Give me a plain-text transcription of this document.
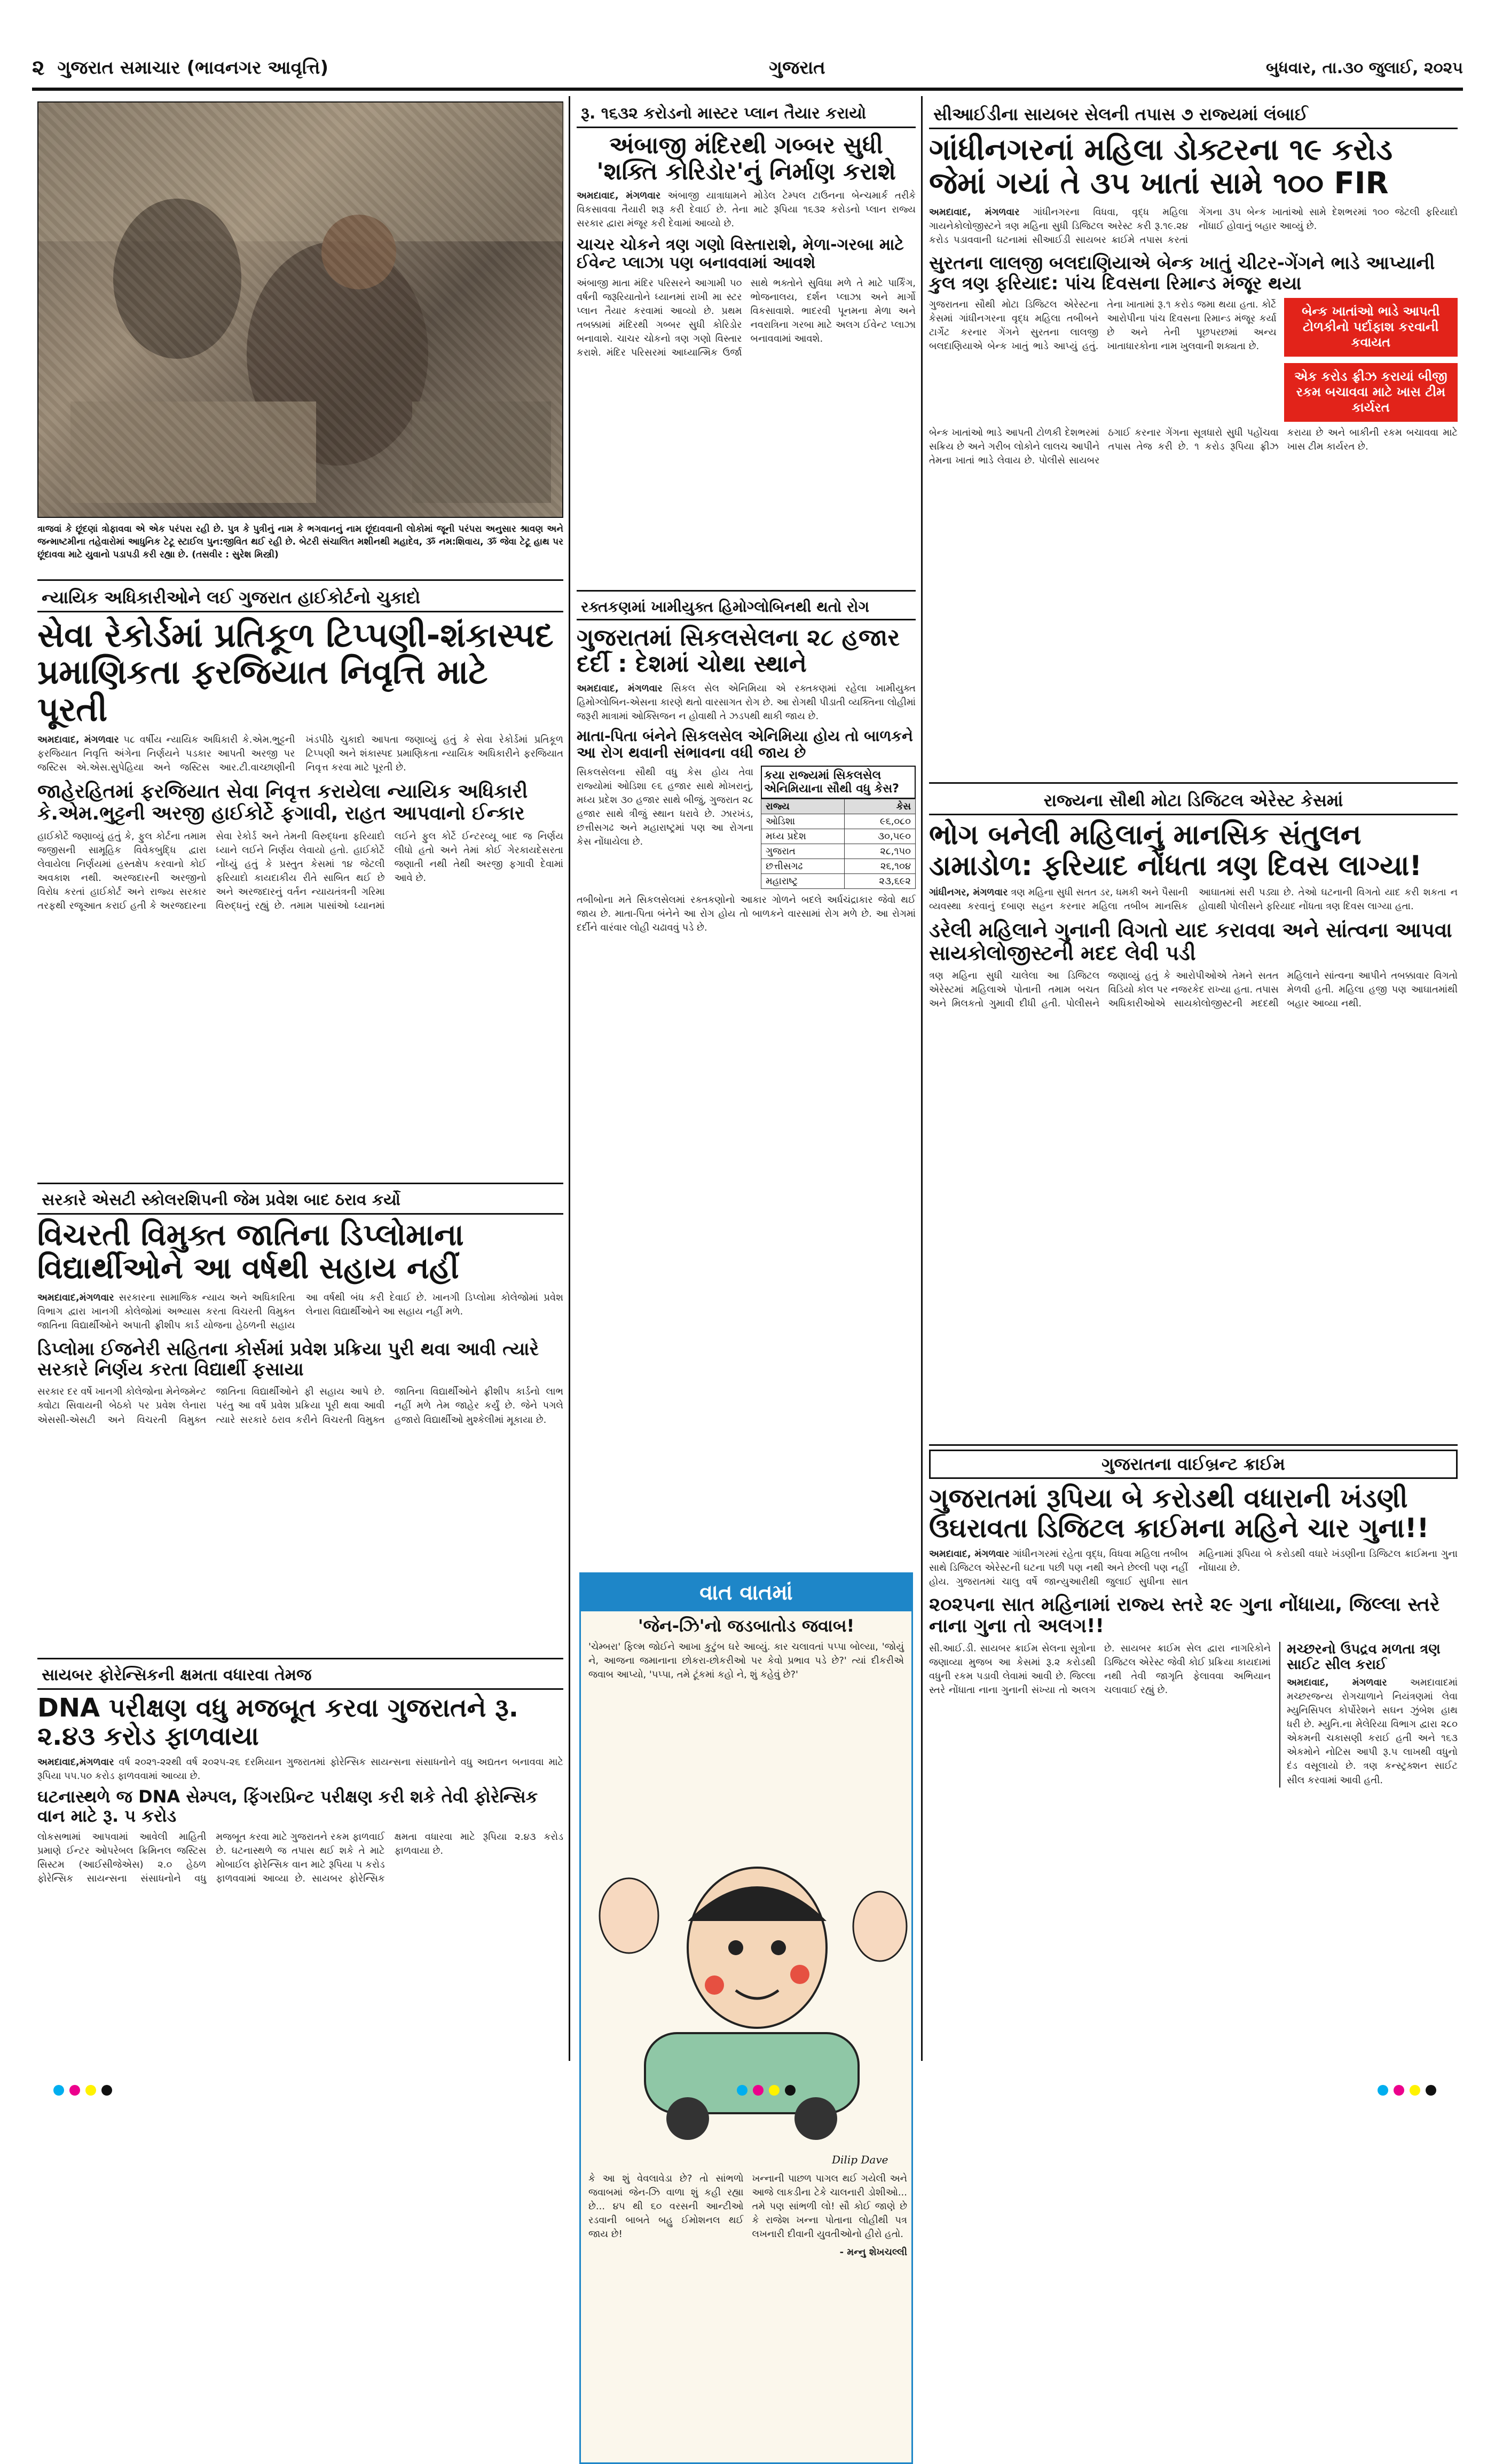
૨ ગુજરાત સમાચાર (ભાવનગર આવૃત્તિ)	ગુજરાત	બુધવાર, તા.૩૦ જુલાઈ, ૨૦૨૫
ત્રાજવાં કે છૂંદણાં ત્રોફાવવા એ એક પરંપરા રહી છે. પુત્ર કે પુત્રીનું નામ કે ભગવાનનું નામ છૂંદાવવાની લોકોમાં જૂની પરંપરા અનુસાર શ્રાવણ અને જન્માષ્ટમીના તહેવારોમાં આધુનિક ટેટૂ સ્ટાઈલ પુન:જીવિત થઈ રહી છે. બેટરી સંચાલિત મશીનથી મહાદેવ, ૐ નમ:શિવાય, ૐ જેવા ટેટૂ હાથ પર છૂંદાવવા માટે યુવાનો પડાપડી કરી રહ્યા છે. (તસવીર : સુરેશ મિસ્ત્રી)
ન્યાયિક અધિકારીઓને લઈ ગુજરાત હાઈકોર્ટનો ચુકાદો
સેવા રેકોર્ડમાં પ્રતિકૂળ ટિપ્પણી-શંકાસ્પદ પ્રમાણિકતા ફરજિયાત નિવૃત્તિ માટે પૂરતી
અમદાવાદ, મંગળવાર ૫૮ વર્ષીય ન્યાયિક અધિકારી કે.એમ.ભુટ્ટની ફરજિયાત નિવૃત્તિ અંગેના નિર્ણયને પડકાર આપતી અરજી પર જસ્ટિસ એ.એસ.સુપેહિયા અને જસ્ટિસ આર.ટી.વાચ્છાણીની ખંડપીઠે ચુકાદો આપતા જણાવ્યું હતું કે સેવા રેકોર્ડમાં પ્રતિકૂળ ટિપ્પણી અને શંકાસ્પદ પ્રમાણિકતા ન્યાયિક અધિકારીને ફરજિયાત નિવૃત્ત કરવા માટે પૂરતી છે.
જાહેરહિતમાં ફરજિયાત સેવા નિવૃત્ત કરાયેલા ન્યાયિક અધિકારી કે.એમ.ભુટ્ટની અરજી હાઈકોર્ટે ફગાવી, રાહત આપવાનો ઈન્કાર
હાઈકોર્ટે જણાવ્યું હતું કે, ફુલ કોર્ટના તમામ જજીસની સામૂહિક વિવેકબુદ્ધિ દ્વારા લેવાયેલા નિર્ણયમાં હસ્તક્ષેપ કરવાનો કોઈ અવકાશ નથી. અરજદારની અરજીનો વિરોધ કરતાં હાઈકોર્ટ અને રાજ્ય સરકાર તરફથી રજૂઆત કરાઈ હતી કે અરજદારના સેવા રેકોર્ડ અને તેમની વિરુદ્ધના ફરિયાદો ધ્યાને લઈને નિર્ણય લેવાયો હતો. હાઈકોર્ટે નોંધ્યું હતું કે પ્રસ્તુત કેસમાં ૧૪ જેટલી ફરિયાદો કાયદાકીય રીતે સાબિત થઈ છે અને અરજદારનું વર્તન ન્યાયતંત્રની ગરિમા વિરુદ્ધનું રહ્યું છે. તમામ પાસાંઓ ધ્યાનમાં લઈને ફુલ કોર્ટે ઈન્ટરવ્યૂ બાદ જ નિર્ણય લીધો હતો અને તેમાં કોઈ ગેરકાયદેસરતા જણાતી નથી તેથી અરજી ફગાવી દેવામાં આવે છે.
સરકારે એસટી સ્કોલરશિપની જેમ પ્રવેશ બાદ ઠરાવ કર્યો
વિચરતી વિમુક્ત જાતિના ડિપ્લોમાના વિદ્યાર્થીઓને આ વર્ષથી સહાય નહીં
અમદાવાદ,મંગળવાર સરકારના સામાજિક ન્યાય અને અધિકારિતા વિભાગ દ્વારા ખાનગી કોલેજોમાં અભ્યાસ કરતા વિચરતી વિમુક્ત જાતિના વિદ્યાર્થીઓને અપાતી ફ્રીશીપ કાર્ડ યોજના હેઠળની સહાય આ વર્ષથી બંધ કરી દેવાઈ છે. ખાનગી ડિપ્લોમા કોલેજોમાં પ્રવેશ લેનારા વિદ્યાર્થીઓને આ સહાય નહીં મળે.
ડિપ્લોમા ઈજનેરી સહિતના કોર્સમાં પ્રવેશ પ્રક્રિયા પુરી થવા આવી ત્યારે સરકારે નિર્ણય કરતા વિદ્યાર્થી ફસાયા
સરકાર દર વર્ષે ખાનગી કોલેજોના મેનેજમેન્ટ ક્વોટા સિવાયની બેઠકો પર પ્રવેશ લેનારા એસસી-એસટી અને વિચરતી વિમુક્ત જાતિના વિદ્યાર્થીઓને ફી સહાય આપે છે. પરંતુ આ વર્ષે પ્રવેશ પ્રક્રિયા પૂરી થવા આવી ત્યારે સરકારે ઠરાવ કરીને વિચરતી વિમુક્ત જાતિના વિદ્યાર્થીઓને ફ્રીશીપ કાર્ડનો લાભ નહીં મળે તેમ જાહેર કર્યું છે. જેને પગલે હજારો વિદ્યાર્થીઓ મુશ્કેલીમાં મૂકાયા છે.
સાયબર ફોરેન્સિકની ક્ષમતા વધારવા તેમજ
DNA પરીક્ષણ વધુ મજબૂત કરવા ગુજરાતને રૂ. ૨.૪૩ કરોડ ફાળવાયા
અમદાવાદ,મંગળવાર વર્ષ ૨૦૨૧-૨૨થી વર્ષ ૨૦૨૫-૨૬ દરમિયાન ગુજરાતમાં ફોરેન્સિક સાયન્સના સંસાધનોને વધુ અદ્યતન બનાવવા માટે રૂપિયા ૫૫.૫૦ કરોડ ફાળવવામાં આવ્યા છે.
ઘટનાસ્થળે જ DNA સેમ્પલ, ફિંગરપ્રિન્ટ પરીક્ષણ કરી શકે તેવી ફોરેન્સિક વાન માટે રૂ. ૫ કરોડ
લોકસભામાં આપવામાં આવેલી માહિતી પ્રમાણે ઈન્ટર ઓપરેબલ ક્રિમિનલ જસ્ટિસ સિસ્ટમ (આઈસીજેએસ) ૨.૦ હેઠળ ફોરેન્સિક સાયન્સના સંસાધનોને વધુ મજબૂત કરવા માટે ગુજરાતને રકમ ફાળવાઈ છે. ઘટનાસ્થળે જ તપાસ થઈ શકે તે માટે મોબાઈલ ફોરેન્સિક વાન માટે રૂપિયા ૫ કરોડ ફાળવવામાં આવ્યા છે. સાયબર ફોરેન્સિક ક્ષમતા વધારવા માટે રૂપિયા ૨.૪૩ કરોડ ફાળવાયા છે.
રૂ. ૧૬૩૨ કરોડનો માસ્ટર પ્લાન તૈયાર કરાયો
અંબાજી મંદિરથી ગબ્બર સુધી 'શક્તિ કોરિડોર'નું નિર્માણ કરાશે
અમદાવાદ, મંગળવાર અંબાજી યાત્રાધામને મોડેલ ટેમ્પલ ટાઉનના બેન્ચમાર્ક તરીકે વિકસાવવા તૈયારી શરૂ કરી દેવાઈ છે. તેના માટે રૂપિયા ૧૬૩૨ કરોડનો પ્લાન રાજ્ય સરકાર દ્વારા મંજૂર કરી દેવામાં આવ્યો છે.
ચાચર ચોકને ત્રણ ગણો વિસ્તારાશે, મેળા-ગરબા માટે ઈવેન્ટ પ્લાઝા પણ બનાવવામાં આવશે
અંબાજી માતા મંદિર પરિસરને આગામી ૫૦ વર્ષની જરૂરિયાતોને ધ્યાનમાં રાખી મા સ્ટર પ્લાન તૈયાર કરવામાં આવ્યો છે. પ્રથમ તબક્કામાં મંદિરથી ગબ્બર સુધી કોરિડોર બનાવાશે. ચાચર ચોકનો ત્રણ ગણો વિસ્તાર કરાશે. મંદિર પરિસરમાં આધ્યાત્મિક ઉર્જા સાથે ભક્તોને સુવિધા મળે તે માટે પાર્કિંગ, ભોજનાલય, દર્શન પ્લાઝા અને માર્ગો વિકસાવાશે. ભાદરવી પૂનમના મેળા અને નવરાત્રિના ગરબા માટે અલગ ઈવેન્ટ પ્લાઝા બનાવવામાં આવશે.
રક્તકણમાં ખામીયુક્ત હિમોગ્લોબિનથી થતો રોગ
ગુજરાતમાં સિકલસેલના ૨૮ હજાર દર્દી : દેશમાં ચોથા સ્થાને
અમદાવાદ, મંગળવાર સિકલ સેલ એનિમિયા એ રક્તકણમાં રહેલા ખામીયુક્ત હિમોગ્લોબિન-એસના કારણે થતો વારસાગત રોગ છે. આ રોગથી પીડાતી વ્યક્તિના લોહીમાં જરૂરી માત્રામાં ઓક્સિજન ન હોવાથી તે ઝડપથી થાકી જાય છે.
માતા-પિતા બંનેને સિકલસેલ એનિમિયા હોય તો બાળકને આ રોગ થવાની સંભાવના વધી જાય છે
સિકલસેલના સૌથી વધુ કેસ હોય તેવા રાજ્યોમાં ઓડિશા ૯૬ હજાર સાથે મોખરાનું, મધ્ય પ્રદેશ ૩૦ હજાર સાથે બીજું, ગુજરાત ૨૮ હજાર સાથે ત્રીજું સ્થાન ધરાવે છે. ઝારખંડ, છત્તીસગઢ અને મહારાષ્ટ્રમાં પણ આ રોગના કેસ નોંધાયેલા છે.
કયા રાજ્યમાં સિકલસેલ એનિમિયાના સૌથી વધુ કેસ?
રાજ્ય	કેસ
ઓડિશા	૯૬,૦૮૦
મધ્ય પ્રદેશ	૩૦,૫૯૦
ગુજરાત	૨૮,૧૫૦
છત્તીસગઢ	૨૬,૧૦૪
મહારાષ્ટ્ર	૨૩,૬૯૨
તબીબોના મતે સિકલસેલમાં રક્તકણોનો આકાર ગોળને બદલે અર્ધચંદ્રાકાર જેવો થઈ જાય છે. માતા-પિતા બંનેને આ રોગ હોય તો બાળકને વારસામાં રોગ મળે છે. આ રોગમાં દર્દીને વારંવાર લોહી ચઢાવવું પડે છે.
વાત વાતમાં
'જેન-ઝિ'નો જડબાતોડ જવાબ!
'ચેમ્બરા' ફિલ્મ જોઈને આખા કુટુંબ ઘરે આવ્યું. કાર ચલાવતાં પપ્પા બોલ્યા, 'જોયું ને, આજના જમાનાના છોકરા-છોકરીઓ પર કેવો પ્રભાવ પડે છે?' ત્યાં દીકરીએ જવાબ આપ્યો, 'પપ્પા, તમે ટૂંકમાં કહો ને, શું કહેવું છે?'
Dilip Dave
કે આ શું વેવલાવેડા છે? તો સાંભળો જવાબમાં જેન-ઝિ વાળા શું કહી રહ્યા છે... ૪૫ થી ૬૦ વરસની આન્ટીઓ રડવાની બાબતે બહુ ઈમોશનલ થઈ જાય છે!
ખન્નાની પાછળ પાગલ થઈ ગયેલી અને આજે લાકડીના ટેકે ચાલનારી ડોશીઓ... તમે પણ સાંભળી લો! સૌ કોઈ જાણે છે કે રાજેશ ખન્ના પોતાના લોહીથી પત્ર લખનારી દીવાની યુવતીઓનો હીરો હતો.
- મન્નુ શેખચલ્લી
સીઆઈડીના સાયબર સેલની તપાસ ૭ રાજ્યમાં લંબાઈ
ગાંધીનગરનાં મહિલા ડોક્ટરના ૧૯ કરોડ જેમાં ગયાં તે ૩૫ ખાતાં સામે ૧૦૦ FIR
અમદાવાદ, મંગળવાર ગાંધીનગરના વિધવા, વૃદ્ધ મહિલા ગાયનેકોલોજીસ્ટને ત્રણ મહિના સુધી ડિજિટલ અરેસ્ટ કરી રૂ.૧૯.૨૪ કરોડ પડાવવાની ઘટનામાં સીઆઈડી સાયબર ક્રાઈમે તપાસ કરતાં ગેંગના ૩૫ બેન્ક ખાતાંઓ સામે દેશભરમાં ૧૦૦ જેટલી ફરિયાદો નોંધાઈ હોવાનું બહાર આવ્યું છે.
સુરતના લાલજી બલદાણિયાએ બેન્ક ખાતું ચીટર-ગેંગને ભાડે આપ્યાની કુલ ત્રણ ફરિયાદ: પાંચ દિવસના રિમાન્ડ મંજૂર થયા
ગુજરાતના સૌથી મોટા ડિજિટલ એરેસ્ટના કેસમાં ગાંધીનગરના વૃદ્ધ મહિલા તબીબને ટાર્ગેટ કરનાર ગેંગને સુરતના લાલજી બલદાણિયાએ બેન્ક ખાતું ભાડે આપ્યું હતું. તેના ખાતામાં રૂ.૧ કરોડ જમા થયા હતા. કોર્ટે આરોપીના પાંચ દિવસના રિમાન્ડ મંજૂર કર્યા છે અને તેની પૂછપરછમાં અન્ય ખાતાધારકોના નામ ખુલવાની શક્યતા છે.
બેન્ક ખાતાંઓ ભાડે આપતી ટોળકીનો પર્દાફાશ કરવાની કવાયત
એક કરોડ ફ્રીઝ કરાયાં બીજી રકમ બચાવવા માટે ખાસ ટીમ કાર્યરત
બેન્ક ખાતાંઓ ભાડે આપતી ટોળકી દેશભરમાં સક્રિય છે અને ગરીબ લોકોને લાલચ આપીને તેમના ખાતાં ભાડે લેવાય છે. પોલીસે સાયબર ઠગાઈ કરનાર ગેંગના સૂત્રધારો સુધી પહોંચવા તપાસ તેજ કરી છે. ૧ કરોડ રૂપિયા ફ્રીઝ કરાયા છે અને બાકીની રકમ બચાવવા માટે ખાસ ટીમ કાર્યરત છે.
રાજ્યના સૌથી મોટા ડિજિટલ એરેસ્ટ કેસમાં
ભોગ બનેલી મહિલાનું માનસિક સંતુલન ડામાડોળ: ફરિયાદ નોંધતા ત્રણ દિવસ લાગ્યા!
ગાંધીનગર, મંગળવાર ત્રણ મહિના સુધી સતત ડર, ધમકી અને પૈસાની વ્યવસ્થા કરવાનું દબાણ સહન કરનાર મહિલા તબીબ માનસિક આઘાતમાં સરી પડ્યા છે. તેઓ ઘટનાની વિગતો યાદ કરી શકતા ન હોવાથી પોલીસને ફરિયાદ નોંધતા ત્રણ દિવસ લાગ્યા હતા.
ડરેલી મહિલાને ગુનાની વિગતો યાદ કરાવવા અને સાંત્વના આપવા સાયકોલોજીસ્ટની મદદ લેવી પડી
ત્રણ મહિના સુધી ચાલેલા આ ડિજિટલ એરેસ્ટમાં મહિલાએ પોતાની તમામ બચત અને મિલકતો ગુમાવી દીધી હતી. પોલીસને જણાવ્યું હતું કે આરોપીઓએ તેમને સતત વિડિયો કોલ પર નજરકેદ રાખ્યા હતા. તપાસ અધિકારીઓએ સાયકોલોજીસ્ટની મદદથી મહિલાને સાંત્વના આપીને તબક્કાવાર વિગતો મેળવી હતી. મહિલા હજી પણ આઘાતમાંથી બહાર આવ્યા નથી.
ગુજરાતના વાઈબ્રન્ટ ક્રાઈમ
ગુજરાતમાં રૂપિયા બે કરોડથી વધારાની ખંડણી ઉઘરાવતા ડિજિટલ ક્રાઈમના મહિને ચાર ગુના!!
અમદાવાદ, મંગળવાર ગાંધીનગરમાં રહેતા વૃદ્ધ, વિધવા મહિલા તબીબ સાથે ડિજિટલ એરેસ્ટની ઘટના પછી પણ નથી અને છેલ્લી પણ નહીં હોય. ગુજરાતમાં ચાલુ વર્ષે જાન્યુઆરીથી જુલાઈ સુધીના સાત મહિનામાં રૂપિયા બે કરોડથી વધારે ખંડણીના ડિજિટલ ક્રાઈમના ગુના નોંધાયા છે.
૨૦૨૫ના સાત મહિનામાં રાજ્ય સ્તરે ૨૯ ગુના નોંધાયા, જિલ્લા સ્તરે નાના ગુના તો અલગ!!
સી.આઈ.ડી. સાયબર ક્રાઈમ સેલના સૂત્રોના જણાવ્યા મુજબ આ કેસમાં રૂ.૨ કરોડથી વધુની રકમ પડાવી લેવામાં આવી છે. જિલ્લા સ્તરે નોંધાતા નાના ગુનાની સંખ્યા તો અલગ છે. સાયબર ક્રાઈમ સેલ દ્વારા નાગરિકોને ડિજિટલ એરેસ્ટ જેવી કોઈ પ્રક્રિયા કાયદામાં નથી તેવી જાગૃતિ ફેલાવવા અભિયાન ચલાવાઈ રહ્યું છે.
મચ્છરનો ઉપદ્રવ મળતા ત્રણ સાઈટ સીલ કરાઈ
અમદાવાદ, મંગળવાર અમદાવાદમાં મચ્છરજન્ય રોગચાળાને નિયંત્રણમાં લેવા મ્યુનિસિપલ કોર્પોરેશને સઘન ઝુંબેશ હાથ ધરી છે. મ્યુનિ.ના મેલેરિયા વિભાગ દ્વારા ૨૮૦ એકમની ચકાસણી કરાઈ હતી અને ૧૬૩ એકમોને નોટિસ આપી રૂ.૫ લાખથી વધુનો દંડ વસૂલાયો છે. ત્રણ કન્સ્ટ્રક્શન સાઈટ સીલ કરવામાં આવી હતી.
